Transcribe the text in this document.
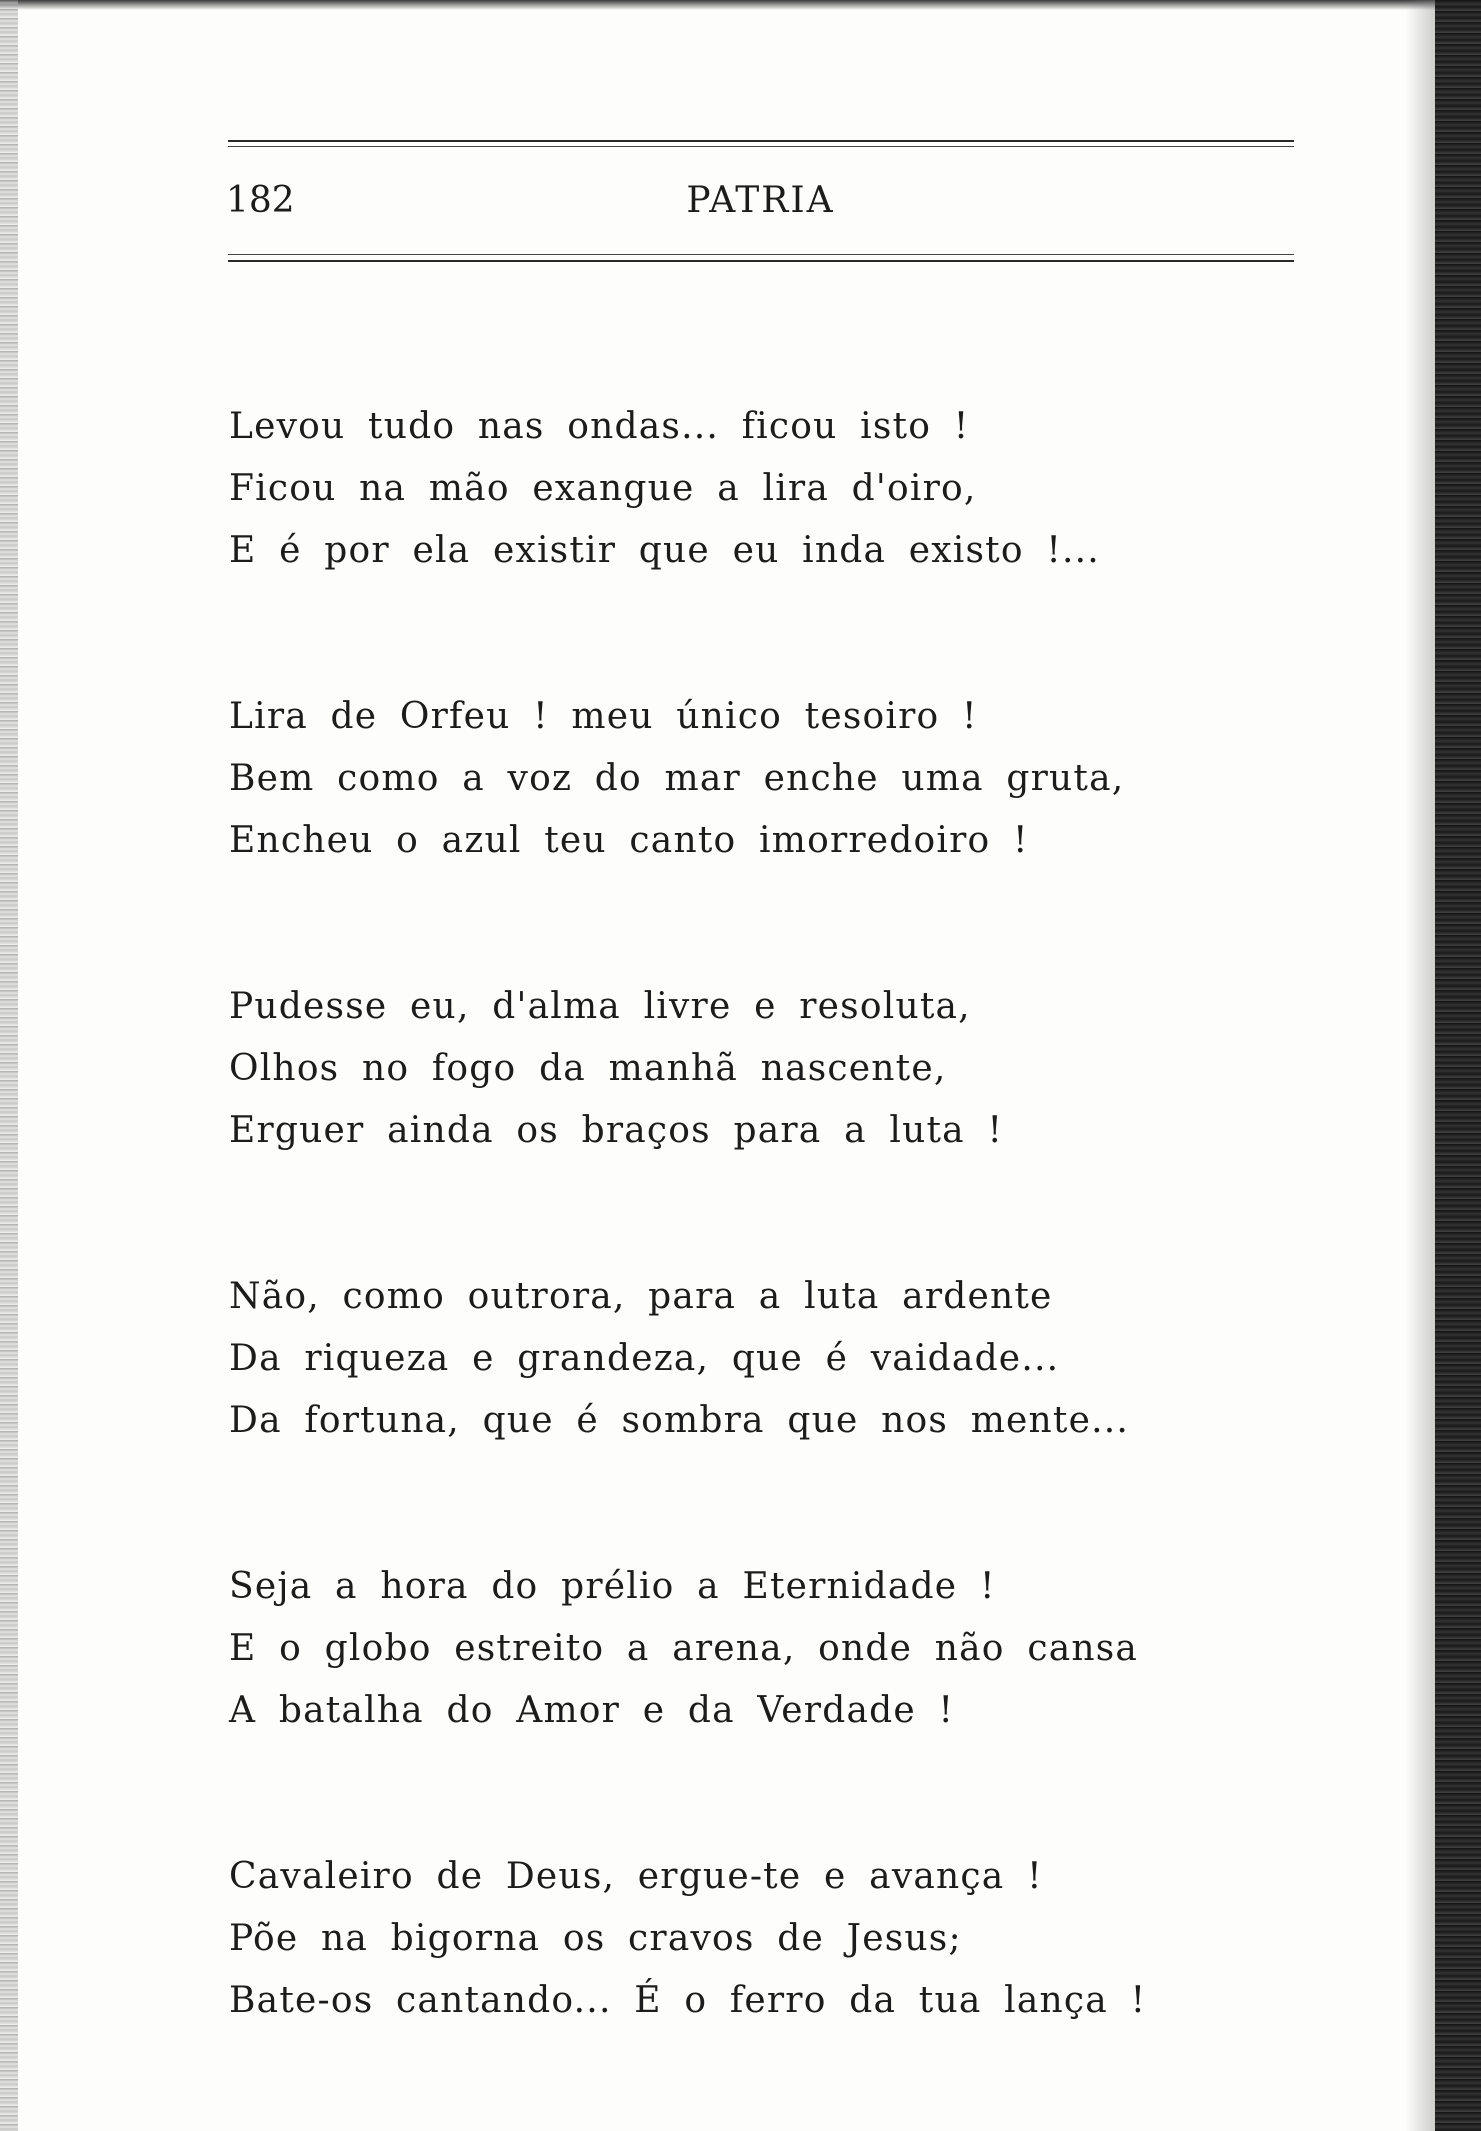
182	PATRIA
Levou tudo nas ondas... ficou isto !
Ficou na mão exangue a lira d'oiro,
E é por ela existir que eu inda existo !...
Lira de Orfeu ! meu único tesoiro !
Bem como a voz do mar enche uma gruta,
Encheu o azul teu canto imorredoiro !
Pudesse eu, d'alma livre e resoluta,
Olhos no fogo da manhã nascente,
Erguer ainda os braços para a luta !
Não, como outrora, para a luta ardente
Da riqueza e grandeza, que é vaidade...
Da fortuna, que é sombra que nos mente...
Seja a hora do prélio a Eternidade !
E o globo estreito a arena, onde não cansa
A batalha do Amor e da Verdade !
Cavaleiro de Deus, ergue-te e avança !
Põe na bigorna os cravos de Jesus;
Bate-os cantando... É o ferro da tua lança !
